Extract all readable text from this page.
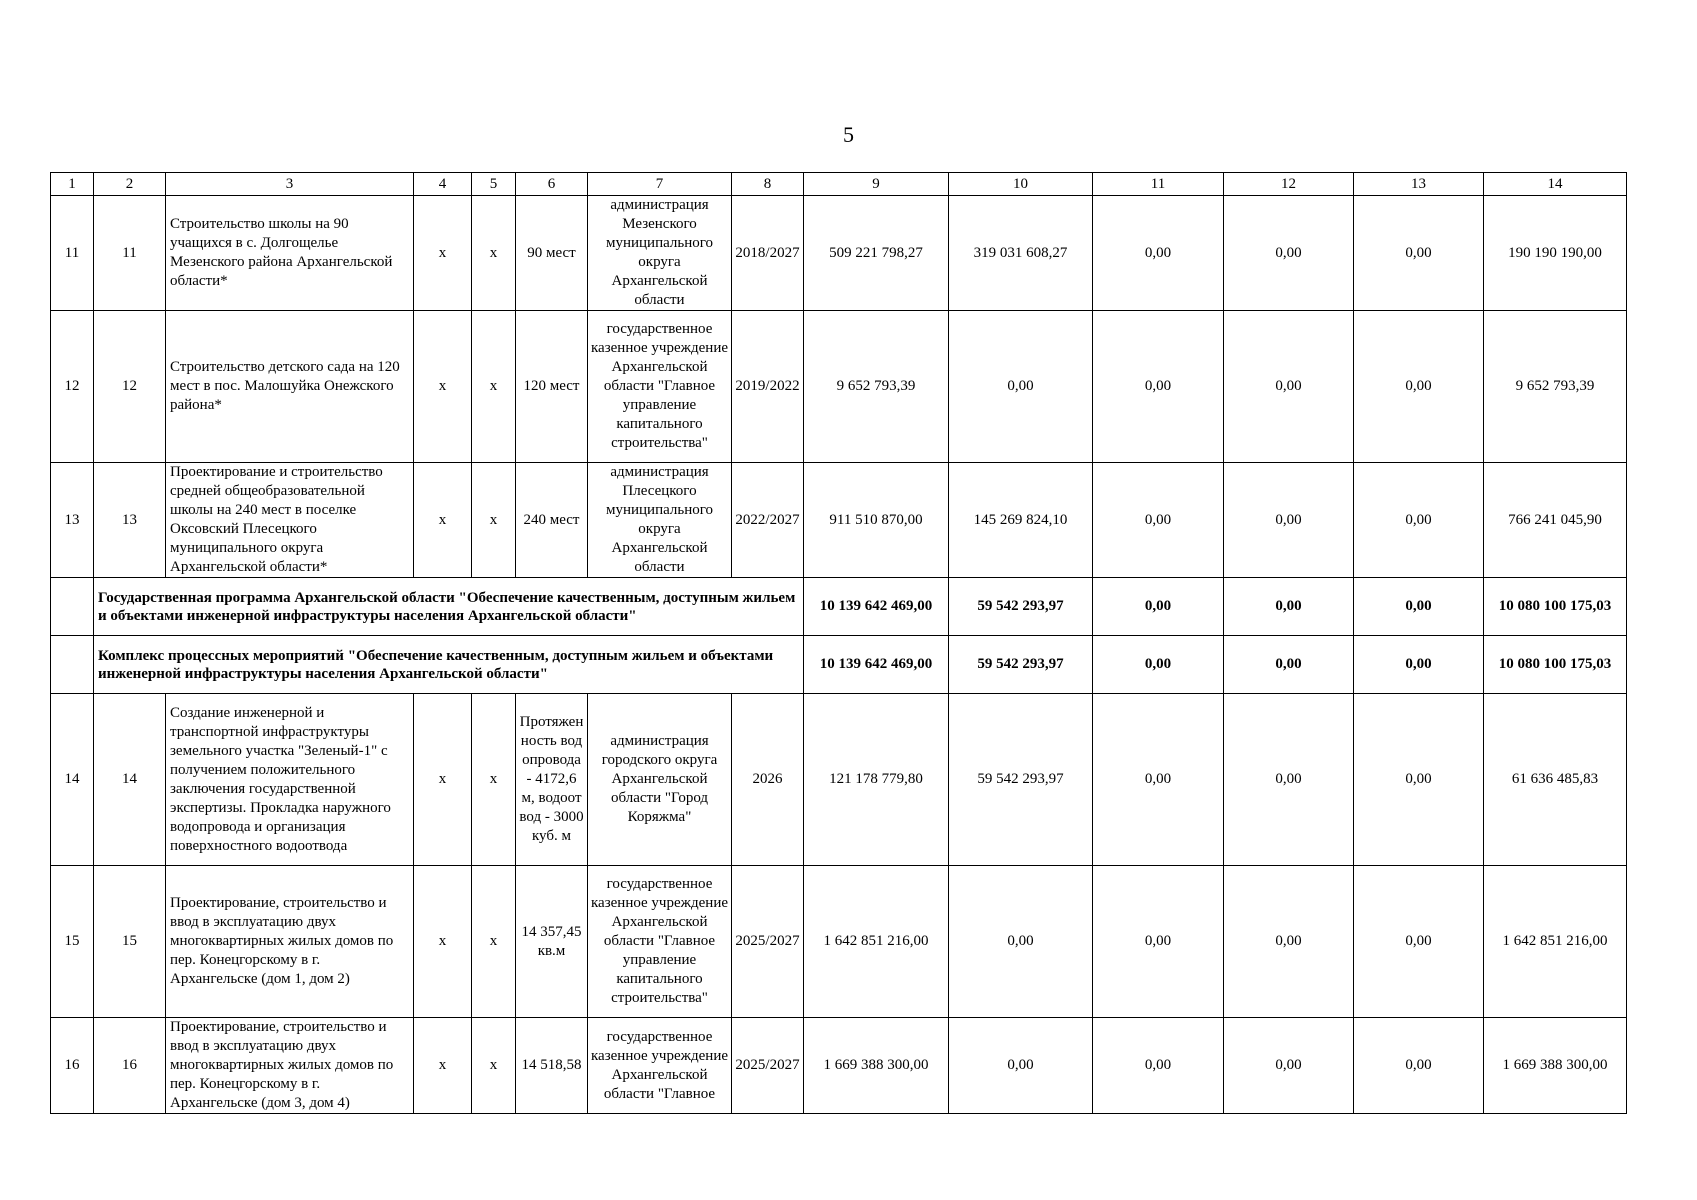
5
1	2	3	4	5	6	7	8	9	10	11	12	13	14
11	11	Строительство школы на 90 учащихся в с. Долгощелье Мезенского района Архангельской области*	х	х	90 мест	администрация Мезенского муниципального округа Архангельской области	2018/2027	509 221 798,27	319 031 608,27	0,00	0,00	0,00	190 190 190,00
12	12	Строительство детского сада на 120 мест в пос. Малошуйка Онежского района*	х	х	120 мест	государственное казенное учреждение Архангельской области "Главное управление капитального строительства"	2019/2022	9 652 793,39	0,00	0,00	0,00	0,00	9 652 793,39
13	13	Проектирование и строительство средней общеобразовательной школы на 240 мест в поселке Оксовский Плесецкого муниципального округа Архангельской области*	х	х	240 мест	администрация Плесецкого муниципального округа Архангельской области	2022/2027	911 510 870,00	145 269 824,10	0,00	0,00	0,00	766 241 045,90
	Государственная программа Архангельской области "Обеспечение качественным, доступным жильем и объектами инженерной инфраструктуры населения Архангельской области"							10 139 642 469,00	59 542 293,97	0,00	0,00	0,00	10 080 100 175,03
	Комплекс процессных мероприятий "Обеспечение качественным, доступным жильем и объектами инженерной инфраструктуры населения Архангельской области"							10 139 642 469,00	59 542 293,97	0,00	0,00	0,00	10 080 100 175,03
14	14	Создание инженерной и транспортной инфраструктуры земельного участка "Зеленый-1" с получением положительного заключения государственной экспертизы. Прокладка наружного водопровода и организация поверхностного водоотвода	х	х	Протяженность водопровода - 4172,6 м, водоотвод - 3000 куб. м	администрация городского округа Архангельской области "Город Коряжма"	2026	121 178 779,80	59 542 293,97	0,00	0,00	0,00	61 636 485,83
15	15	Проектирование, строительство и ввод в эксплуатацию двух многоквартирных жилых домов по пер. Конецгорскому в г. Архангельске (дом 1, дом 2)	х	х	14 357,45 кв.м	государственное казенное учреждение Архангельской области "Главное управление капитального строительства"	2025/2027	1 642 851 216,00	0,00	0,00	0,00	0,00	1 642 851 216,00
16	16	Проектирование, строительство и ввод в эксплуатацию двух многоквартирных жилых домов по пер. Конецгорскому в г. Архангельске (дом 3, дом 4)	х	х	14 518,58	государственное казенное учреждение Архангельской области "Главное	2025/2027	1 669 388 300,00	0,00	0,00	0,00	0,00	1 669 388 300,00
